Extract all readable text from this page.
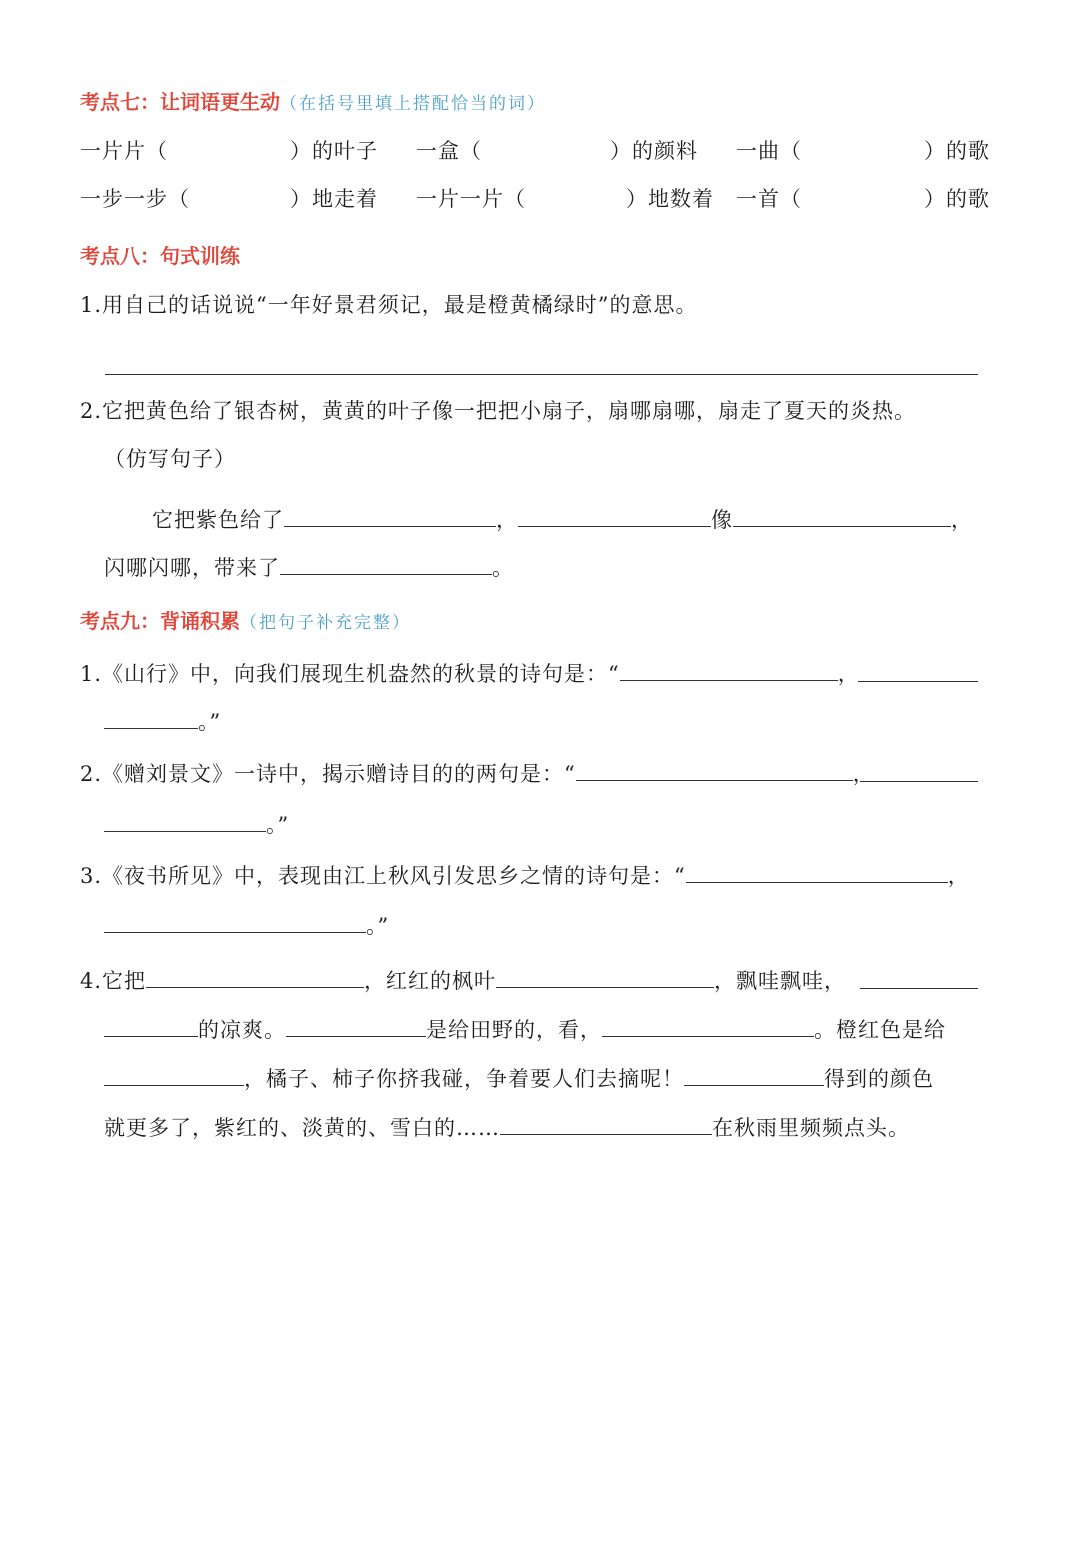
考点七：让词语更生动（在括号里填上搭配恰当的词）
一片片（	）的叶子 一盒（	）的颜料 一曲（	）的歌
一步一步（	）地走着 一片一片（	）地数着 一首（	）的歌
考点八：句式训练
1.用自己的话说说“一年好景君须记，最是橙黄橘绿时”的意思。
2.它把黄色给了银杏树，黄黄的叶子像一把把小扇子，扇哪扇哪，扇走了夏天的炎热。
（仿写句子）
它把紫色给了	，	像	，
闪哪闪哪，带来了	。
考点九：背诵积累（把句子补充完整）
1.《山行》中，向我们展现生机盎然的秋景的诗句是：“	，
。”
2.《赠刘景文》一诗中，揭示赠诗目的的两句是：“	，
。”
3.《夜书所见》中，表现由江上秋风引发思乡之情的诗句是：“	，
。”
4.它把	，红红的枫叶	，飘哇飘哇，
的凉爽。	是给田野的，看，	。橙红色是给
，橘子、柿子你挤我碰，争着要人们去摘呢！	得到的颜色
就更多了，紫红的、淡黄的、雪白的……	在秋雨里频频点头。
